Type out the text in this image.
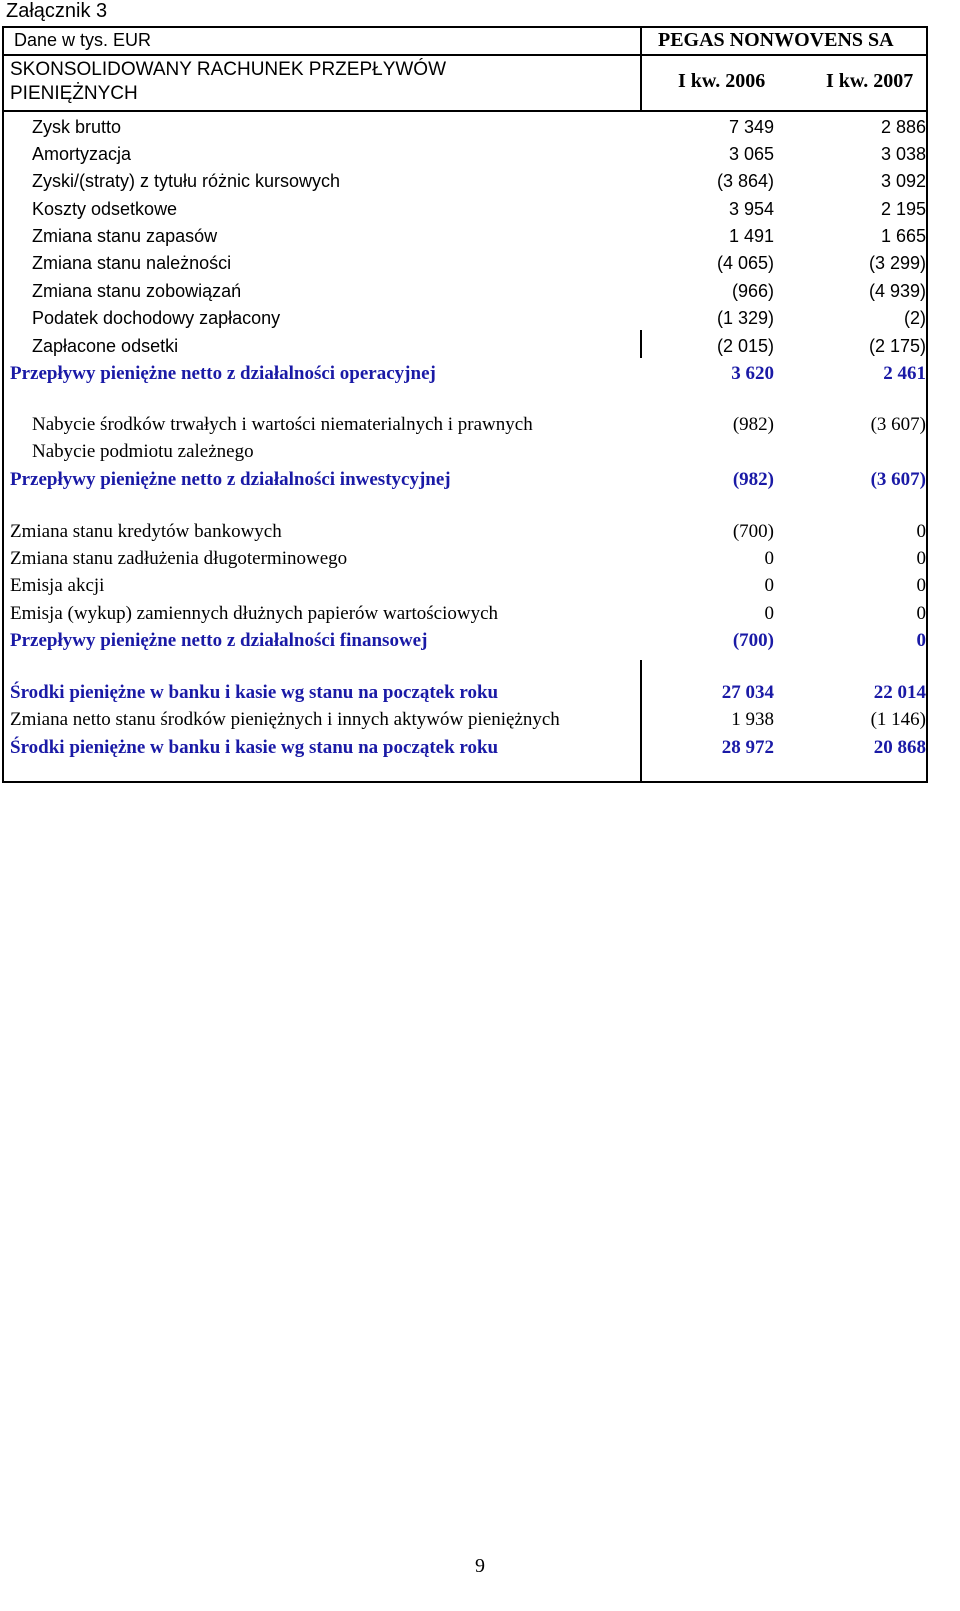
Załącznik 3
Dane w tys. EUR	PEGAS NONWOVENS SA
SKONSOLIDOWANY RACHUNEK PRZEPŁYWÓW PIENIĘŻNYCH
I kw. 2006	I kw. 2007
Zysk brutto	7 349	2 886
Amortyzacja	3 065	3 038
Zyski/(straty) z tytułu różnic kursowych	(3 864)	3 092
Koszty odsetkowe	3 954	2 195
Zmiana stanu zapasów	1 491	1 665
Zmiana stanu należności	(4 065)	(3 299)
Zmiana stanu zobowiązań	(966)	(4 939)
Podatek dochodowy zapłacony	(1 329)	(2)
Zapłacone odsetki	(2 015)	(2 175)
Przepływy pieniężne netto z działalności operacyjnej	3 620	2 461
Nabycie środków trwałych i wartości niematerialnych i prawnych	(982)	(3 607)
Nabycie podmiotu zależnego
Przepływy pieniężne netto z działalności inwestycyjnej	(982)	(3 607)
Zmiana stanu kredytów bankowych	(700)	0
Zmiana stanu zadłużenia długoterminowego	0	0
Emisja akcji	0	0
Emisja (wykup) zamiennych dłużnych papierów wartościowych	0	0
Przepływy pieniężne netto z działalności finansowej	(700)	0
Środki pieniężne w banku i kasie wg stanu na początek roku	27 034	22 014
Zmiana netto stanu środków pieniężnych i innych aktywów pieniężnych	1 938	(1 146)
Środki pieniężne w banku i kasie wg stanu na początek roku	28 972	20 868
9
